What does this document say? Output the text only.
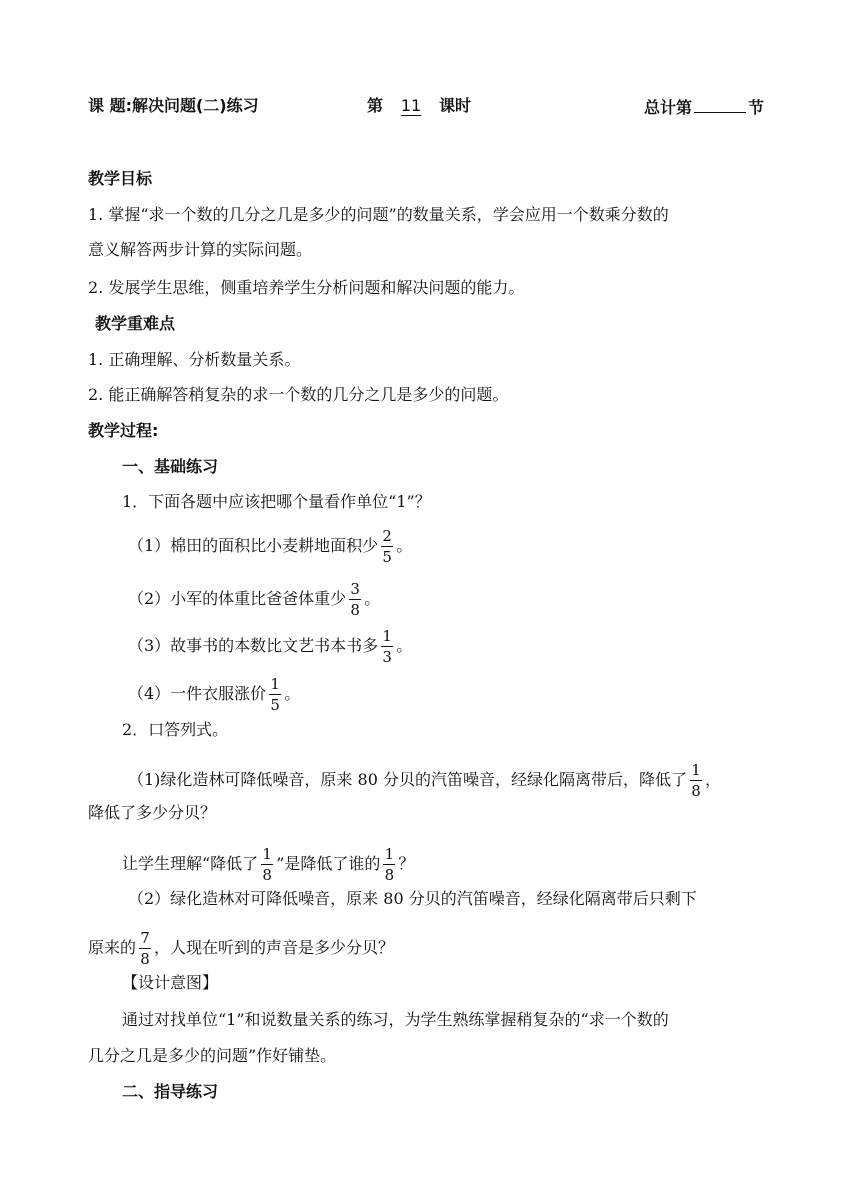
课 题:解决问题(二)练习	第 11 课时	总计第	节
教学目标
1. 掌握“求一个数的几分之几是多少的问题”的数量关系，学会应用一个数乘分数的
意义解答两步计算的实际问题。
2. 发展学生思维，侧重培养学生分析问题和解决问题的能力。
教学重难点
1. 正确理解、分析数量关系。
2. 能正确解答稍复杂的求一个数的几分之几是多少的问题。
教学过程:
一、基础练习
1．下面各题中应该把哪个量看作单位“1”？
（1）棉田的面积比小麦耕地面积少 $\frac{2}{5}$ 。
（2）小军的体重比爸爸体重少 $\frac{3}{8}$ 。
（3）故事书的本数比文艺书本书多 $\frac{1}{3}$ 。
（4）一件衣服涨价 $\frac{1}{5}$ 。
2．口答列式。
（1)绿化造林可降低噪音，原来 80 分贝的汽笛噪音，经绿化隔离带后，降低了 $\frac{1}{8}$ ，
降低了多少分贝？
让学生理解“降低了 $\frac{1}{8}$ ”是降低了谁的 $\frac{1}{8}$ ？
（2）绿化造林对可降低噪音，原来 80 分贝的汽笛噪音，经绿化隔离带后只剩下
原来的 $\frac{7}{8}$ ，人现在听到的声音是多少分贝？
【设计意图】
通过对找单位“1”和说数量关系的练习，为学生熟练掌握稍复杂的“求一个数的
几分之几是多少的问题”作好铺垫。
二、指导练习
